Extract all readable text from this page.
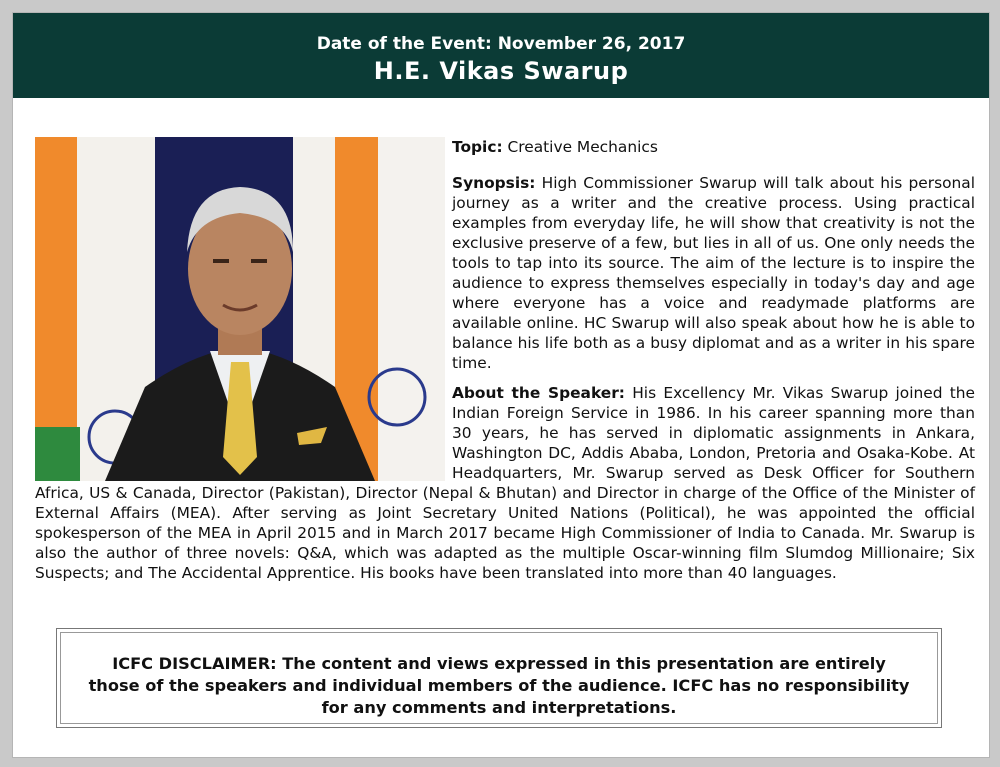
Date of the Event: November 26, 2017
H.E. Vikas Swarup

Topic: Creative Mechanics

Synopsis: High Commissioner Swarup will talk about his personal journey as a writer and the creative process. Using practical examples from everyday life, he will show that creativity is not the exclusive preserve of a few, but lies in all of us. One only needs the tools to tap into its source. The aim of the lecture is to inspire the audience to express themselves especially in today's day and age where everyone has a voice and readymade platforms are available online. HC Swarup will also speak about how he is able to balance his life both as a busy diplomat and as a writer in his spare time.

About the Speaker: His Excellency Mr. Vikas Swarup joined the Indian Foreign Service in 1986. In his career spanning more than 30 years, he has served in diplomatic assignments in Ankara, Washington DC, Addis Ababa, London, Pretoria and Osaka-Kobe. At Headquarters, Mr. Swarup served as Desk Officer for Southern Africa, US & Canada, Director (Pakistan), Director (Nepal & Bhutan) and Director in charge of the Office of the Minister of External Affairs (MEA). After serving as Joint Secretary United Nations (Political), he was appointed the official spokesperson of the MEA in April 2015 and in March 2017 became High Commissioner of India to Canada. Mr. Swarup is also the author of three novels: Q&A, which was adapted as the multiple Oscar-winning film Slumdog Millionaire; Six Suspects; and The Accidental Apprentice. His books have been translated into more than 40 languages.

ICFC DISCLAIMER: The content and views expressed in this presentation are entirely those of the speakers and individual members of the audience. ICFC has no responsibility for any comments and interpretations.
